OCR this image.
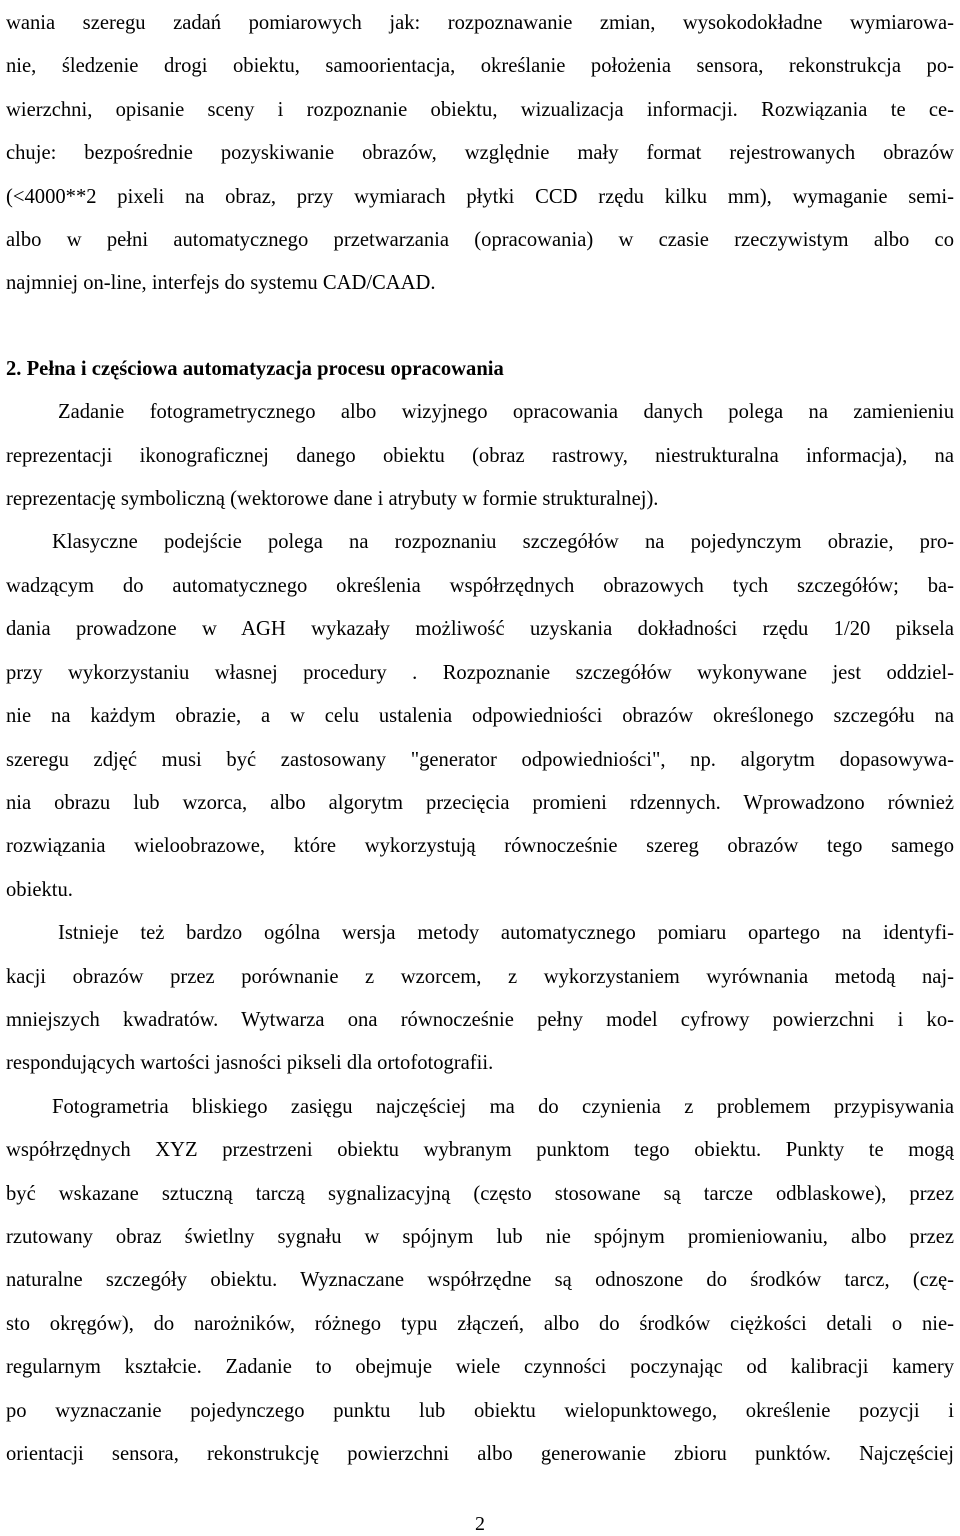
wania szeregu zadań pomiarowych jak: rozpoznawanie zmian, wysokodokładne wymiarowa-
nie, śledzenie drogi obiektu, samoorientacja, określanie położenia sensora, rekonstrukcja po-
wierzchni, opisanie sceny i rozpoznanie obiektu, wizualizacja informacji. Rozwiązania te ce-
chuje: bezpośrednie pozyskiwanie obrazów, względnie mały format rejestrowanych obrazów
(<4000**2 pixeli na obraz, przy wymiarach płytki CCD rzędu kilku mm), wymaganie semi-
albo w pełni automatycznego przetwarzania (opracowania) w czasie rzeczywistym albo co
najmniej on-line, interfejs do systemu CAD/CAAD.

2. Pełna i częściowa automatyzacja procesu opracowania

Zadanie fotogrametrycznego albo wizyjnego opracowania danych polega na zamienieniu
reprezentacji ikonograficznej danego obiektu (obraz rastrowy, niestrukturalna informacja), na
reprezentację symboliczną (wektorowe dane i atrybuty w formie strukturalnej).

Klasyczne podejście polega na rozpoznaniu szczegółów na pojedynczym obrazie, pro-
wadzącym do automatycznego określenia współrzędnych obrazowych tych szczegółów; ba-
dania prowadzone w AGH wykazały możliwość uzyskania dokładności rzędu 1/20 piksela
przy wykorzystaniu własnej procedury . Rozpoznanie szczegółów wykonywane jest oddziel-
nie na każdym obrazie, a w celu ustalenia odpowiedniości obrazów określonego szczegółu na
szeregu zdjęć musi być zastosowany "generator odpowiedniości", np. algorytm dopasowywa-
nia obrazu lub wzorca, albo algorytm przecięcia promieni rdzennych. Wprowadzono również
rozwiązania wieloobrazowe, które wykorzystują równocześnie szereg obrazów tego samego
obiektu.

Istnieje też bardzo ogólna wersja metody automatycznego pomiaru opartego na identyfi-
kacji obrazów przez porównanie z wzorcem, z wykorzystaniem wyrównania metodą naj-
mniejszych kwadratów. Wytwarza ona równocześnie pełny model cyfrowy powierzchni i ko-
respondujących wartości jasności pikseli dla ortofotografii.

Fotogrametria bliskiego zasięgu najczęściej ma do czynienia z problemem przypisywania
współrzędnych XYZ przestrzeni obiektu wybranym punktom tego obiektu. Punkty te mogą
być wskazane sztuczną tarczą sygnalizacyjną (często stosowane są tarcze odblaskowe), przez
rzutowany obraz świetlny sygnału w spójnym lub nie spójnym promieniowaniu, albo przez
naturalne szczegóły obiektu. Wyznaczane współrzędne są odnoszone do środków tarcz, (czę-
sto okręgów), do narożników, różnego typu złączeń, albo do środków ciężkości detali o nie-
regularnym kształcie. Zadanie to obejmuje wiele czynności poczynając od kalibracji kamery
po wyznaczanie pojedynczego punktu lub obiektu wielopunktowego, określenie pozycji i
orientacji sensora, rekonstrukcję powierzchni albo generowanie zbioru punktów. Najczęściej

2
